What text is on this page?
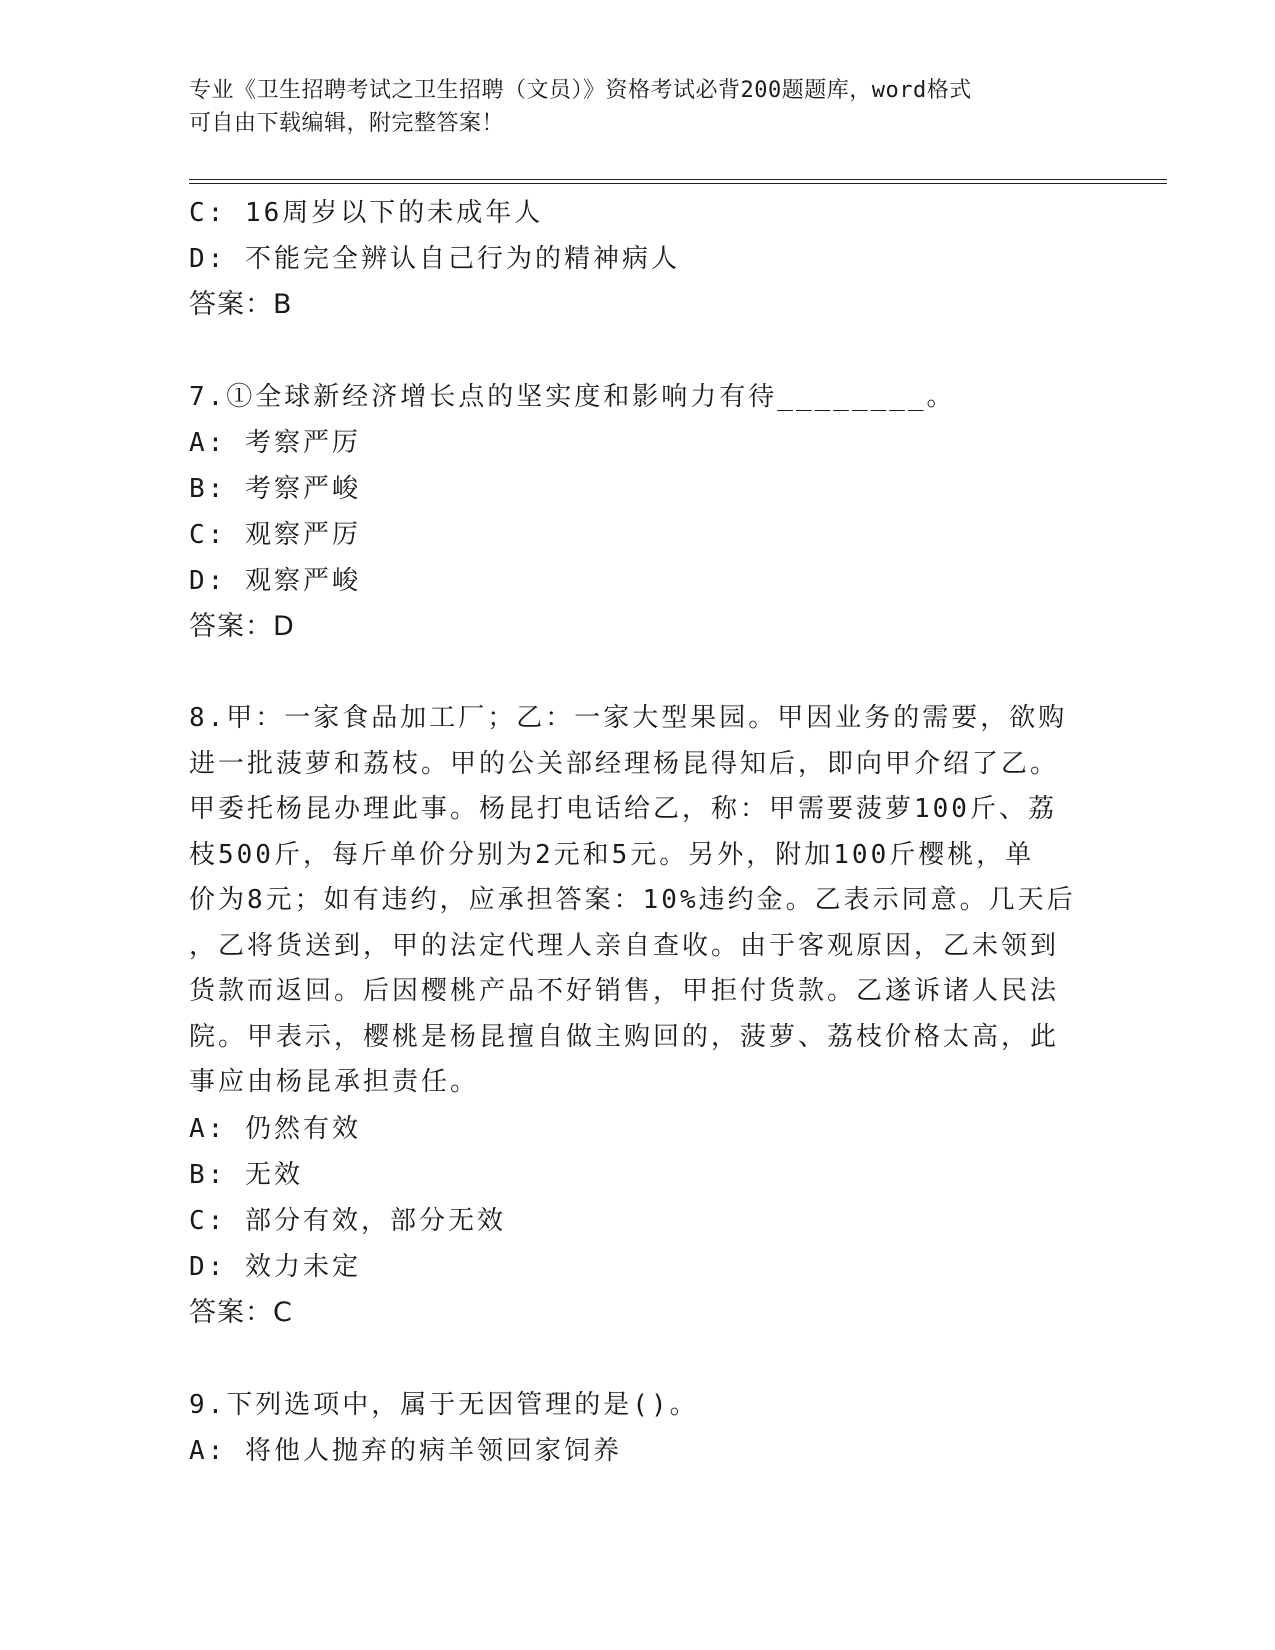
专业《卫生招聘考试之卫生招聘（文员）》资格考试必背200题题库，word格式
可自由下载编辑，附完整答案！
C: 16周岁以下的未成年人
D: 不能完全辨认自己行为的精神病人
答案：B
7.①全球新经济增长点的坚实度和影响力有待________。
A: 考察严厉
B: 考察严峻
C: 观察严厉
D: 观察严峻
答案：D
8.甲：一家食品加工厂；乙：一家大型果园。甲因业务的需要，欲购
进一批菠萝和荔枝。甲的公关部经理杨昆得知后，即向甲介绍了乙。
甲委托杨昆办理此事。杨昆打电话给乙，称：甲需要菠萝100斤、荔
枝500斤，每斤单价分别为2元和5元。另外，附加100斤樱桃，单
价为8元；如有违约，应承担答案：10%违约金。乙表示同意。几天后
，乙将货送到，甲的法定代理人亲自查收。由于客观原因，乙未领到
货款而返回。后因樱桃产品不好销售，甲拒付货款。乙遂诉诸人民法
院。甲表示，樱桃是杨昆擅自做主购回的，菠萝、荔枝价格太高，此
事应由杨昆承担责任。
A: 仍然有效
B: 无效
C: 部分有效，部分无效
D: 效力未定
答案：C
9.下列选项中，属于无因管理的是()。
A: 将他人抛弃的病羊领回家饲养
